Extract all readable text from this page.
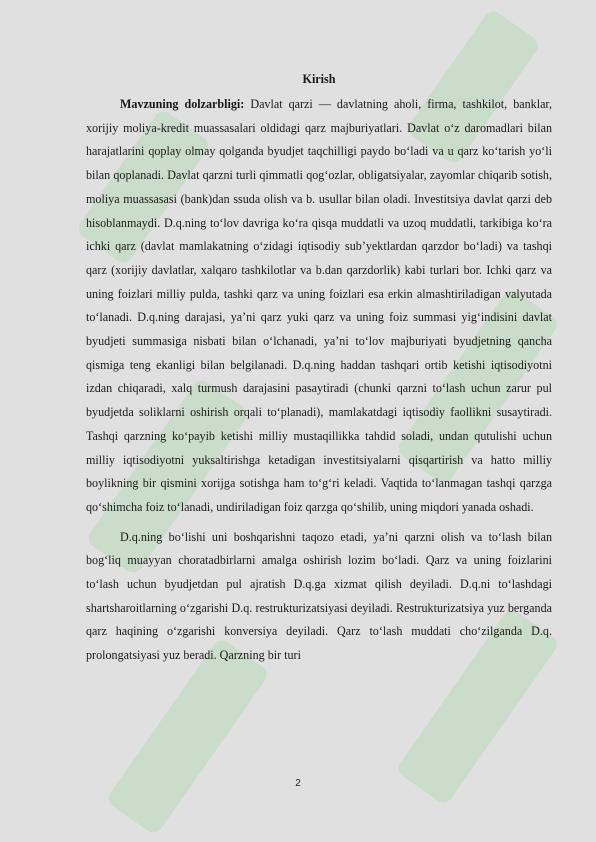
Kirish

Mavzuning dolzarbligi: Davlat qarzi — davlatning aholi, firma, tashkilot, banklar, xorijiy moliya-kredit muassasalari oldidagi qarz majburiyatlari. Davlat o‘z daromadlari bilan harajatlarini qoplay olmay qolganda byudjet taqchilligi paydo bo‘ladi va u qarz ko‘tarish yo‘li bilan qoplanadi. Davlat qarzni turli qimmatli qog‘ozlar, obligatsiyalar, zayomlar chiqarib sotish, moliya muassasasi (bank)dan ssuda olish va b. usullar bilan oladi. Investitsiya davlat qarzi deb hisoblanmaydi. D.q.ning to‘lov davriga ko‘ra qisqa muddatli va uzoq muddatli, tarkibiga ko‘ra ichki qarz (davlat mamlakatning o‘zidagi iqtisodiy sub’yektlardan qarzdor bo‘ladi) va tashqi qarz (xorijiy davlatlar, xalqaro tashkilotlar va b.dan qarzdorlik) kabi turlari bor. Ichki qarz va uning foizlari milliy pulda, tashki qarz va uning foizlari esa erkin almashtiriladigan valyutada to‘lanadi. D.q.ning darajasi, ya’ni qarz yuki qarz va uning foiz summasi yig‘indisini davlat byudjeti summasiga nisbati bilan o‘lchanadi, ya’ni to‘lov majburiyati byudjetning qancha qismiga teng ekanligi bilan belgilanadi. D.q.ning haddan tashqari ortib ketishi iqtisodiyotni izdan chiqaradi, xalq turmush darajasini pasaytiradi (chunki qarzni to‘lash uchun zarur pul byudjetda soliklarni oshirish orqali to‘planadi), mamlakatdagi iqtisodiy faollikni susaytiradi. Tashqi qarzning ko‘payib ketishi milliy mustaqillikka tahdid soladi, undan qutulishi uchun milliy iqtisodiyotni yuksaltirishga ketadigan investitsiyalarni qisqartirish va hatto milliy boylikning bir qismini xorijga sotishga ham to‘g‘ri keladi. Vaqtida to‘lanmagan tashqi qarzga qo‘shimcha foiz to‘lanadi, undiriladigan foiz qarzga qo‘shilib, uning miqdori yanada oshadi.

D.q.ning bo‘lishi uni boshqarishni taqozo etadi, ya’ni qarzni olish va to‘lash bilan bog‘liq muayyan choratadbirlarni amalga oshirish lozim bo‘ladi. Qarz va uning foizlarini to‘lash uchun byudjetdan pul ajratish D.q.ga xizmat qilish deyiladi. D.q.ni to‘lashdagi shartsharoitlarning o‘zgarishi D.q. restrukturizatsiyasi deyiladi. Restrukturizatsiya yuz berganda qarz haqining o‘zgarishi konversiya deyiladi. Qarz to‘lash muddati cho‘zilganda D.q. prolongatsiyasi yuz beradi. Qarzning bir turi

2
